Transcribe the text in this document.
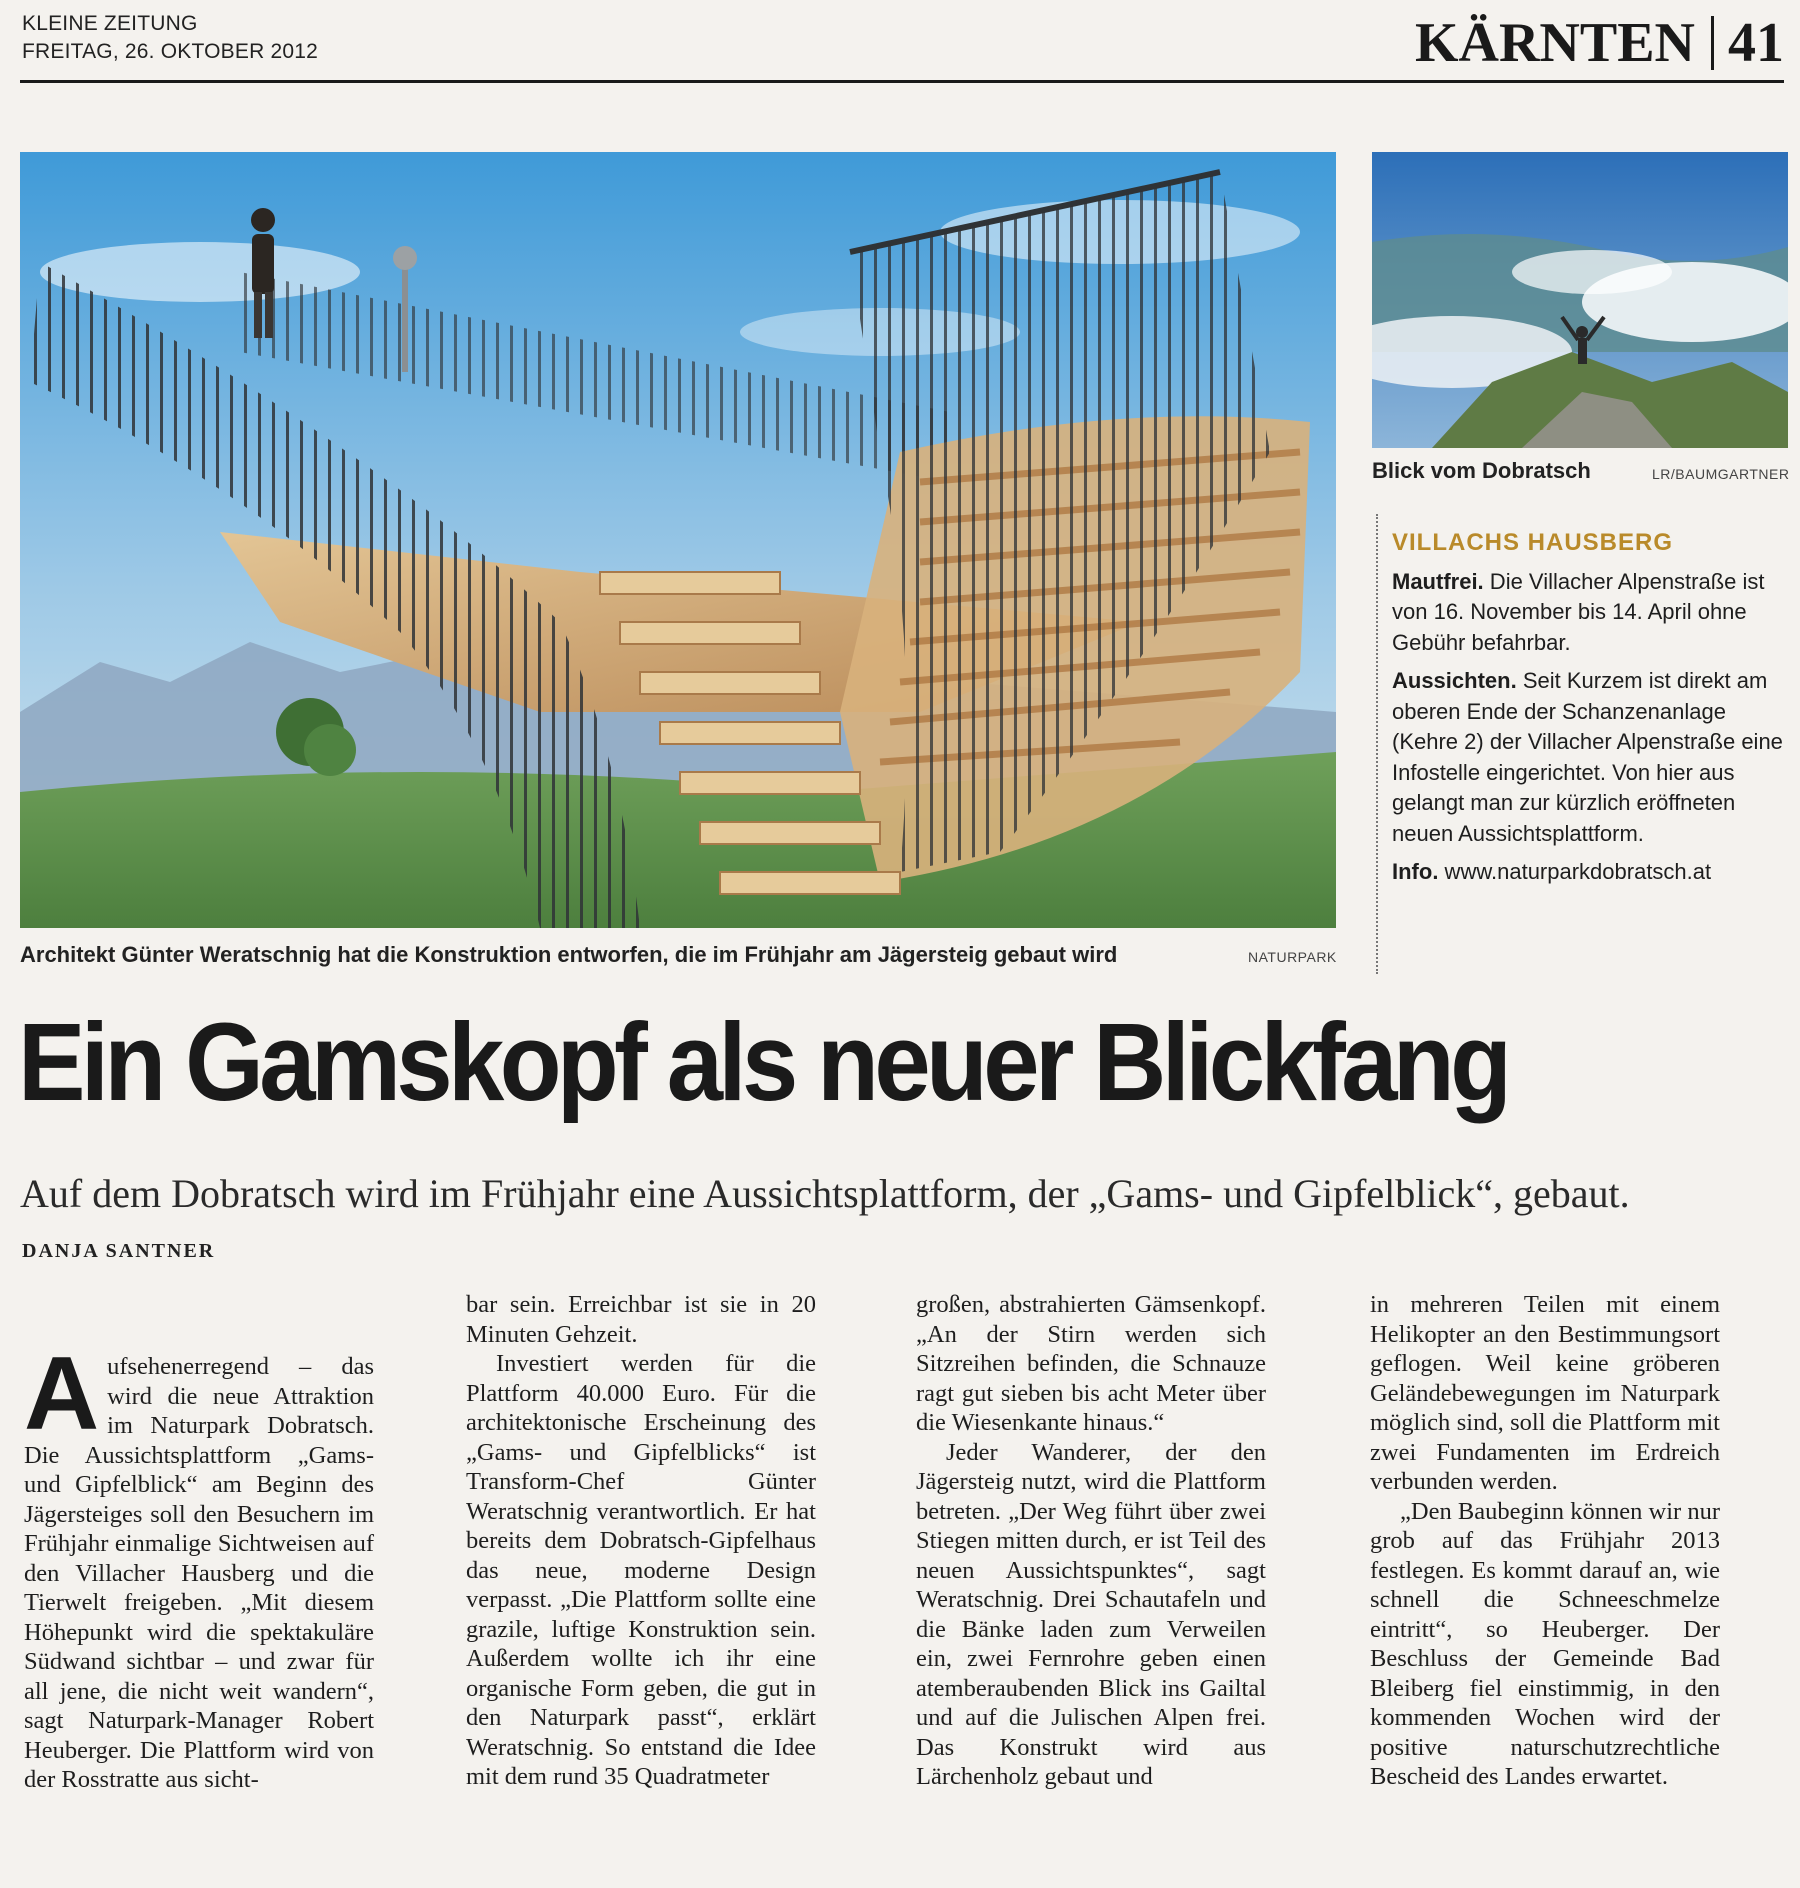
KLEINE ZEITUNG
FREITAG, 26. OKTOBER 2012	KÄRNTEN 41
Architekt Günter Weratschnig hat die Konstruktion entworfen, die im Frühjahr am Jägersteig gebaut wird	NATURPARK
Blick vom Dobratsch	LR/BAUMGARTNER
VILLACHS HAUSBERG

Mautfrei. Die Villacher Alpenstraße ist von 16. November bis 14. April ohne Gebühr befahrbar.

Aussichten. Seit Kurzem ist direkt am oberen Ende der Schanzenanlage (Kehre 2) der Villacher Alpenstraße eine Infostelle eingerichtet. Von hier aus gelangt man zur kürzlich eröffneten neuen Aussichtsplattform.

Info. www.naturparkdobratsch.at

Ein Gamskopf als neuer Blickfang
Auf dem Dobratsch wird im Frühjahr eine Aussichtsplattform, der „Gams- und Gipfelblick“, gebaut.
DANJA SANTNER

Aufsehenerregend – das wird die neue Attraktion im Naturpark Dobratsch. Die Aussichtsplattform „Gams- und Gipfelblick“ am Beginn des Jägersteiges soll den Besuchern im Frühjahr einmalige Sichtweisen auf den Villacher Hausberg und die Tierwelt freigeben. „Mit diesem Höhepunkt wird die spektakuläre Südwand sichtbar – und zwar für all jene, die nicht weit wandern“, sagt Naturpark-Manager Robert Heuberger. Die Plattform wird von der Rosstratte aus sicht-

bar sein. Erreichbar ist sie in 20 Minuten Gehzeit.

Investiert werden für die Plattform 40.000 Euro. Für die architektonische Erscheinung des „Gams- und Gipfelblicks“ ist Transform-Chef Günter Weratschnig verantwortlich. Er hat bereits dem Dobratsch-Gipfelhaus das neue, moderne Design verpasst. „Die Plattform sollte eine grazile, luftige Konstruktion sein. Außerdem wollte ich ihr eine organische Form geben, die gut in den Naturpark passt“, erklärt Weratschnig. So entstand die Idee mit dem rund 35 Quadratmeter

großen, abstrahierten Gämsenkopf. „An der Stirn werden sich Sitzreihen befinden, die Schnauze ragt gut sieben bis acht Meter über die Wiesenkante hinaus.“

Jeder Wanderer, der den Jägersteig nutzt, wird die Plattform betreten. „Der Weg führt über zwei Stiegen mitten durch, er ist Teil des neuen Aussichtspunktes“, sagt Weratschnig. Drei Schautafeln und die Bänke laden zum Verweilen ein, zwei Fernrohre geben einen atemberaubenden Blick ins Gailtal und auf die Julischen Alpen frei. Das Konstrukt wird aus Lärchenholz gebaut und

in mehreren Teilen mit einem Helikopter an den Bestimmungsort geflogen. Weil keine gröberen Geländebewegungen im Naturpark möglich sind, soll die Plattform mit zwei Fundamenten im Erdreich verbunden werden.

„Den Baubeginn können wir nur grob auf das Frühjahr 2013 festlegen. Es kommt darauf an, wie schnell die Schneeschmelze eintritt“, so Heuberger. Der Beschluss der Gemeinde Bad Bleiberg fiel einstimmig, in den kommenden Wochen wird der positive naturschutzrechtliche Bescheid des Landes erwartet.
